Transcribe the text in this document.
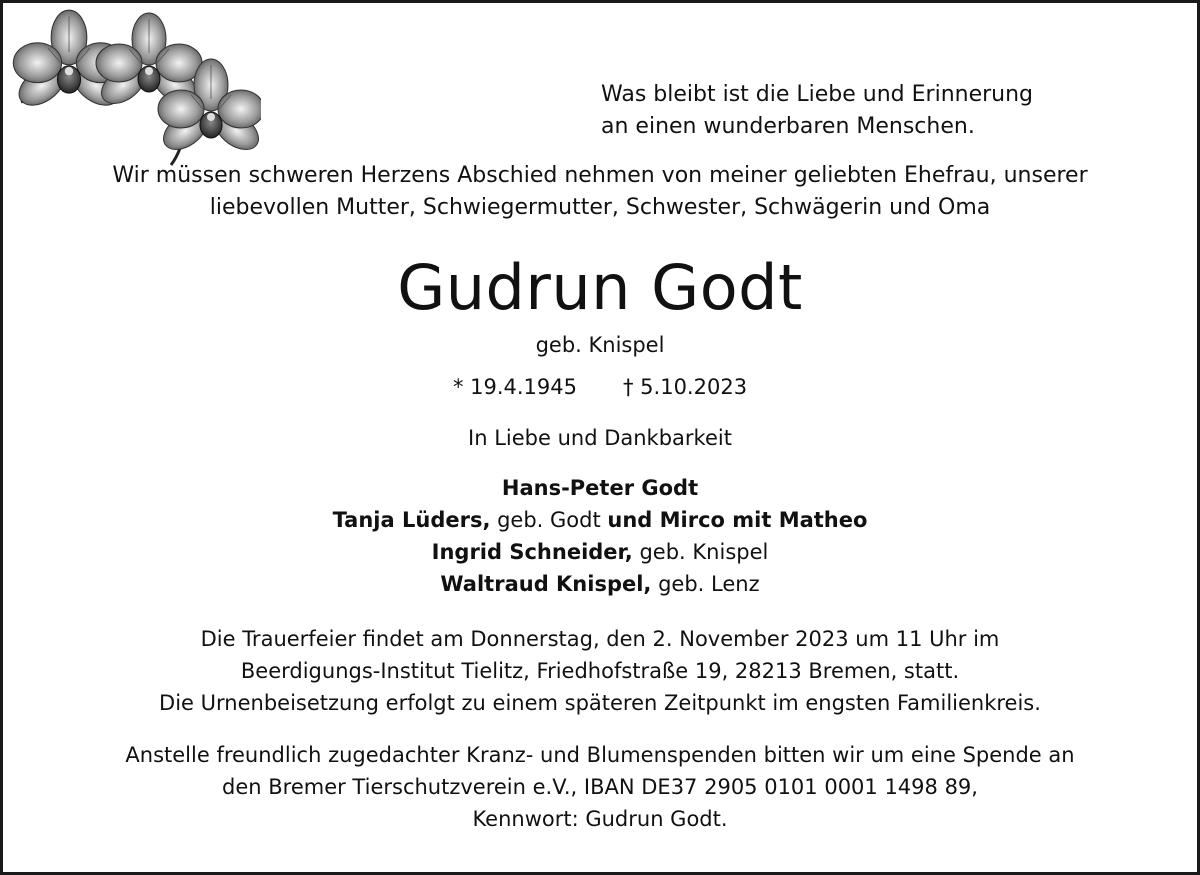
Was bleibt ist die Liebe und Erinnerung
an einen wunderbaren Menschen.
Wir müssen schweren Herzens Abschied nehmen von meiner geliebten Ehefrau, unserer
liebevollen Mutter, Schwiegermutter, Schwester, Schwägerin und Oma
Gudrun Godt
geb. Knispel
* 19.4.1945 † 5.10.2023
In Liebe und Dankbarkeit
Hans-Peter Godt
Tanja Lüders, geb. Godt und Mirco mit Matheo
Ingrid Schneider, geb. Knispel
Waltraud Knispel, geb. Lenz
Die Trauerfeier findet am Donnerstag, den 2. November 2023 um 11 Uhr im
Beerdigungs-Institut Tielitz, Friedhofstraße 19, 28213 Bremen, statt.
Die Urnenbeisetzung erfolgt zu einem späteren Zeitpunkt im engsten Familienkreis.
Anstelle freundlich zugedachter Kranz- und Blumenspenden bitten wir um eine Spende an
den Bremer Tierschutzverein e.V., IBAN DE37 2905 0101 0001 1498 89,
Kennwort: Gudrun Godt.
